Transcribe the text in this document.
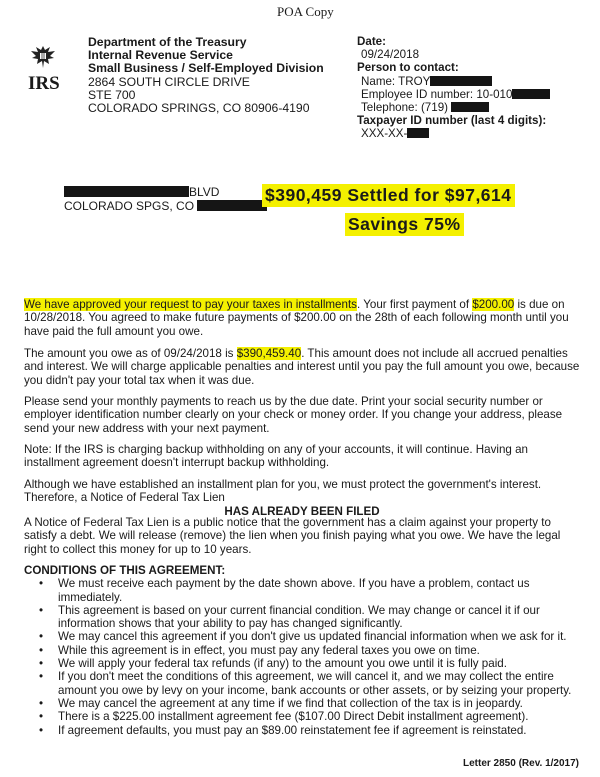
POA Copy
IRS
Department of the Treasury
Internal Revenue Service
Small Business / Self-Employed Division
2864 SOUTH CIRCLE DRIVE
STE 700
COLORADO SPRINGS, CO 80906-4190
Date:
09/24/2018
Person to contact:
Name: TROY
Employee ID number: 10-010
Telephone: (719)
Taxpayer ID number (last 4 digits):
XXX-XX-
BLVD
COLORADO SPGS, CO
$390,459 Settled for $97,614
Savings 75%

We have approved your request to pay your taxes in installments. Your first payment of $200.00 is due on 10/28/2018. You agreed to make future payments of $200.00 on the 28th of each following month until you have paid the full amount you owe.

The amount you owe as of 09/24/2018 is $390,459.40. This amount does not include all accrued penalties and interest. We will charge applicable penalties and interest until you pay the full amount you owe, because you didn't pay your total tax when it was due.

Please send your monthly payments to reach us by the due date. Print your social security number or employer identification number clearly on your check or money order. If you change your address, please send your new address with your next payment.

Note: If the IRS is charging backup withholding on any of your accounts, it will continue. Having an installment agreement doesn't interrupt backup withholding.

Although we have established an installment plan for you, we must protect the government's interest. Therefore, a Notice of Federal Tax Lien

HAS ALREADY BEEN FILED

A Notice of Federal Tax Lien is a public notice that the government has a claim against your property to satisfy a debt. We will release (remove) the lien when you finish paying what you owe. We have the legal right to collect this money for up to 10 years.

CONDITIONS OF THIS AGREEMENT:

• We must receive each payment by the date shown above. If you have a problem, contact us immediately.
• This agreement is based on your current financial condition. We may change or cancel it if our information shows that your ability to pay has changed significantly.
• We may cancel this agreement if you don't give us updated financial information when we ask for it.
• While this agreement is in effect, you must pay any federal taxes you owe on time.
• We will apply your federal tax refunds (if any) to the amount you owe until it is fully paid.
• If you don't meet the conditions of this agreement, we will cancel it, and we may collect the entire amount you owe by levy on your income, bank accounts or other assets, or by seizing your property.
• We may cancel the agreement at any time if we find that collection of the tax is in jeopardy.
• There is a $225.00 installment agreement fee ($107.00 Direct Debit installment agreement).
• If agreement defaults, you must pay an $89.00 reinstatement fee if agreement is reinstated.
Letter 2850 (Rev. 1/2017)
